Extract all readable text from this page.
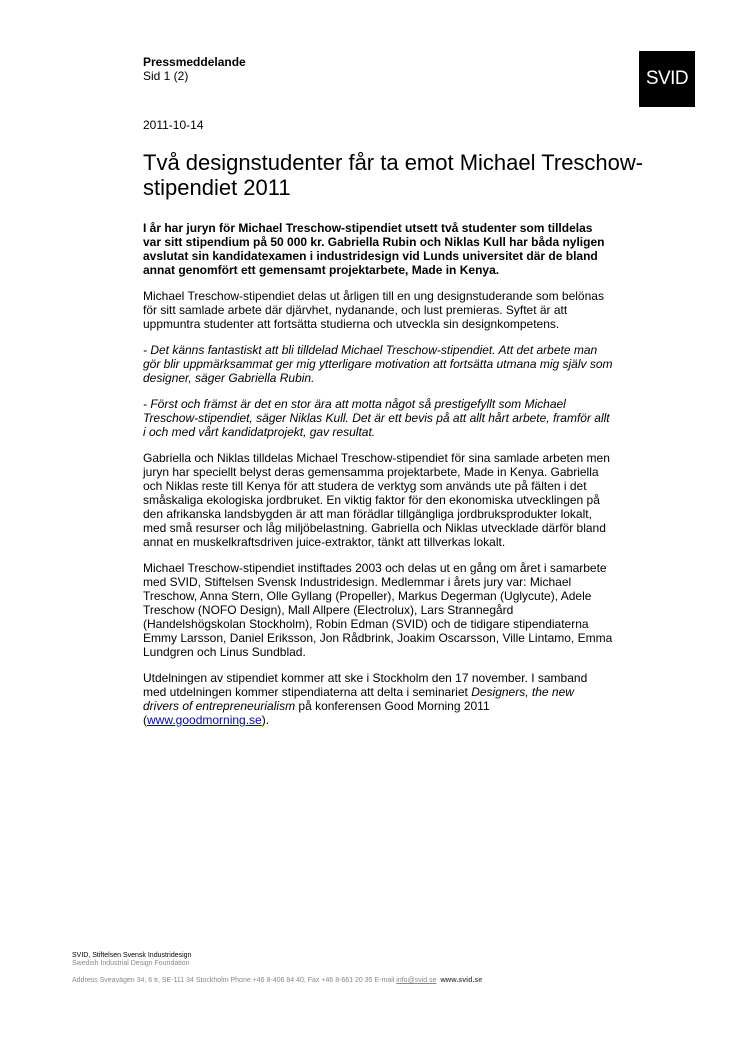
Pressmeddelande
Sid 1 (2)	SVID
2011-10-14
Två designstudenter får ta emot Michael Treschow-stipendiet 2011

I år har juryn för Michael Treschow-stipendiet utsett två studenter som tilldelas var sitt stipendium på 50 000 kr. Gabriella Rubin och Niklas Kull har båda nyligen avslutat sin kandidatexamen i industridesign vid Lunds universitet där de bland annat genomfört ett gemensamt projektarbete, Made in Kenya.

Michael Treschow-stipendiet delas ut årligen till en ung designstuderande som belönas för sitt samlade arbete där djärvhet, nydanande, och lust premieras. Syftet är att uppmuntra studenter att fortsätta studierna och utveckla sin designkompetens.

- Det känns fantastiskt att bli tilldelad Michael Treschow-stipendiet. Att det arbete man gör blir uppmärksammat ger mig ytterligare motivation att fortsätta utmana mig själv som designer, säger Gabriella Rubin.

- Först och främst är det en stor ära att motta något så prestigefyllt som Michael Treschow-stipendiet, säger Niklas Kull. Det är ett bevis på att allt hårt arbete, framför allt i och med vårt kandidatprojekt, gav resultat.

Gabriella och Niklas tilldelas Michael Treschow-stipendiet för sina samlade arbeten men juryn har speciellt belyst deras gemensamma projektarbete, Made in Kenya. Gabriella och Niklas reste till Kenya för att studera de verktyg som används ute på fälten i det småskaliga ekologiska jordbruket. En viktig faktor för den ekonomiska utvecklingen på den afrikanska landsbygden är att man förädlar tillgängliga jordbruksprodukter lokalt, med små resurser och låg miljöbelastning. Gabriella och Niklas utvecklade därför bland annat en muskelkraftsdriven juice-extraktor, tänkt att tillverkas lokalt.

Michael Treschow-stipendiet instiftades 2003 och delas ut en gång om året i samarbete med SVID, Stiftelsen Svensk Industridesign. Medlemmar i årets jury var: Michael Treschow, Anna Stern, Olle Gyllang (Propeller), Markus Degerman (Uglycute), Adele Treschow (NOFO Design), Mall Allpere (Electrolux), Lars Strannegård (Handelshögskolan Stockholm), Robin Edman (SVID) och de tidigare stipendiaterna Emmy Larsson, Daniel Eriksson, Jon Rådbrink, Joakim Oscarsson, Ville Lintamo, Emma Lundgren och Linus Sundblad.

Utdelningen av stipendiet kommer att ske i Stockholm den 17 november. I samband med utdelningen kommer stipendiaterna att delta i seminariet Designers, the new drivers of entrepreneurialism på konferensen Good Morning 2011 (www.goodmorning.se).

SVID, Stiftelsen Svensk Industridesign
Swedish Industrial Design Foundation
Address Sveavägen 34, 6 tr, SE-111 34 Stockholm Phone +46 8-406 84 40, Fax +46 8-661 20 35 E-mail info@svid.se www.svid.se
